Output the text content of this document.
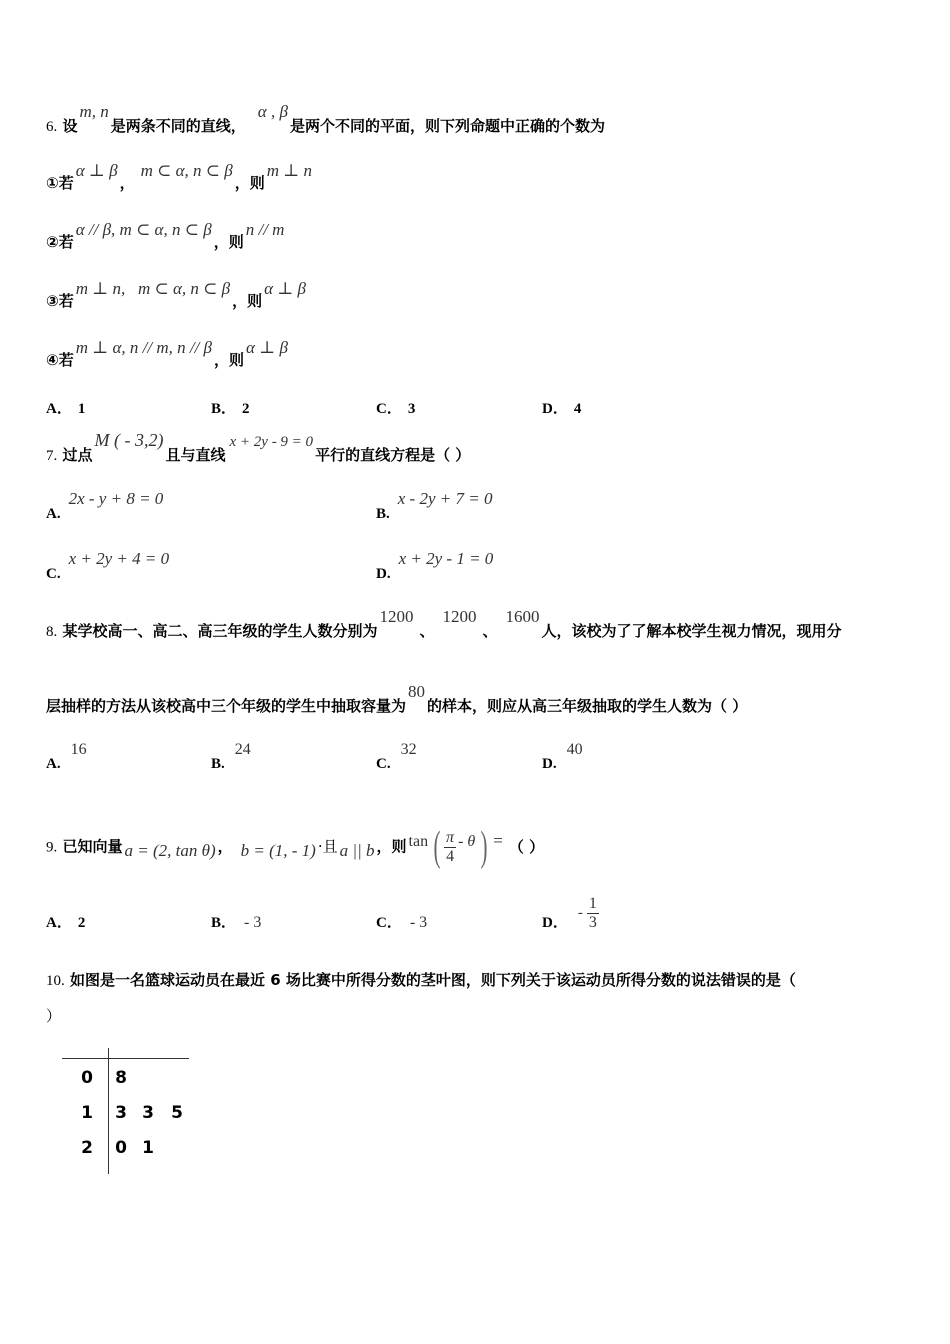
6. 设m, n是两条不同的直线，α , β是两个不同的平面，则下列命题中正确的个数为
①若α ⊥ β，m ⊂ α, n ⊂ β，则m ⊥ n
②若α // β, m ⊂ α, n ⊂ β，则n // m
③若m ⊥ n,   m ⊂ α, n ⊂ β，则α ⊥ β
④若m ⊥ α, n // m, n // β，则α ⊥ β
A． 1	B． 2	C． 3	D． 4
7. 过点M ( - 3,2)且与直线x + 2y - 9 = 0平行的直线方程是（ ）
A.2x - y + 8 = 0
B.x - 2y + 7 = 0
C.x + 2y + 4 = 0
D.x + 2y - 1 = 0
8. 某学校高一、高二、高三年级的学生人数分别为1200、1200、1600人，该校为了了解本校学生视力情况，现用分
层抽样的方法从该校高中三个年级的学生中抽取容量为80的样本，则应从高三年级抽取的学生人数为（ ）
A.16
B.24
C.32
D.40
9. 已知向量 a = (2, tan θ) ， b = (1, - 1) ·且 a || b ，则 tan ( $\frac{\pi}{4}$ - θ ) = （ ）
A． 2	B． - 3	C． - 3	D．
- $\frac{1}{3}$
10. 如图是一名篮球运动员在最近 6 场比赛中所得分数的茎叶图，则下列关于该运动员所得分数的说法错误的是（
）
0 8
1 3 3 5
2 0 1
